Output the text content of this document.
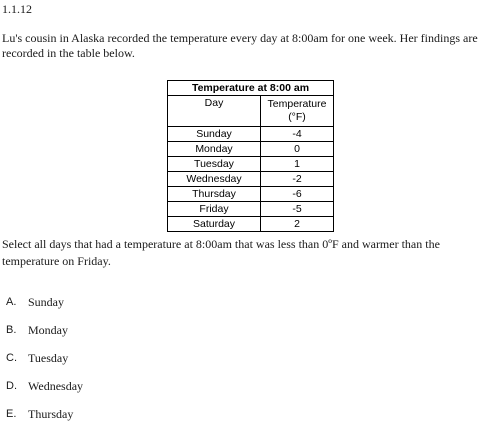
1.1.12
Lu's cousin in Alaska recorded the temperature every day at 8:00am for one week. Her findings are recorded in the table below.
Temperature at 8:00 am	
Day	Temperature
(°F)

Sunday	-4
Monday	0
Tuesday	1
Wednesday	-2
Thursday	-6
Friday	-5
Saturday	2
Select all days that had a temperature at 8:00am that was less than 0ºF and warmer than the temperature on Friday.
A. Sunday
B. Monday
C. Tuesday
D. Wednesday
E. Thursday
